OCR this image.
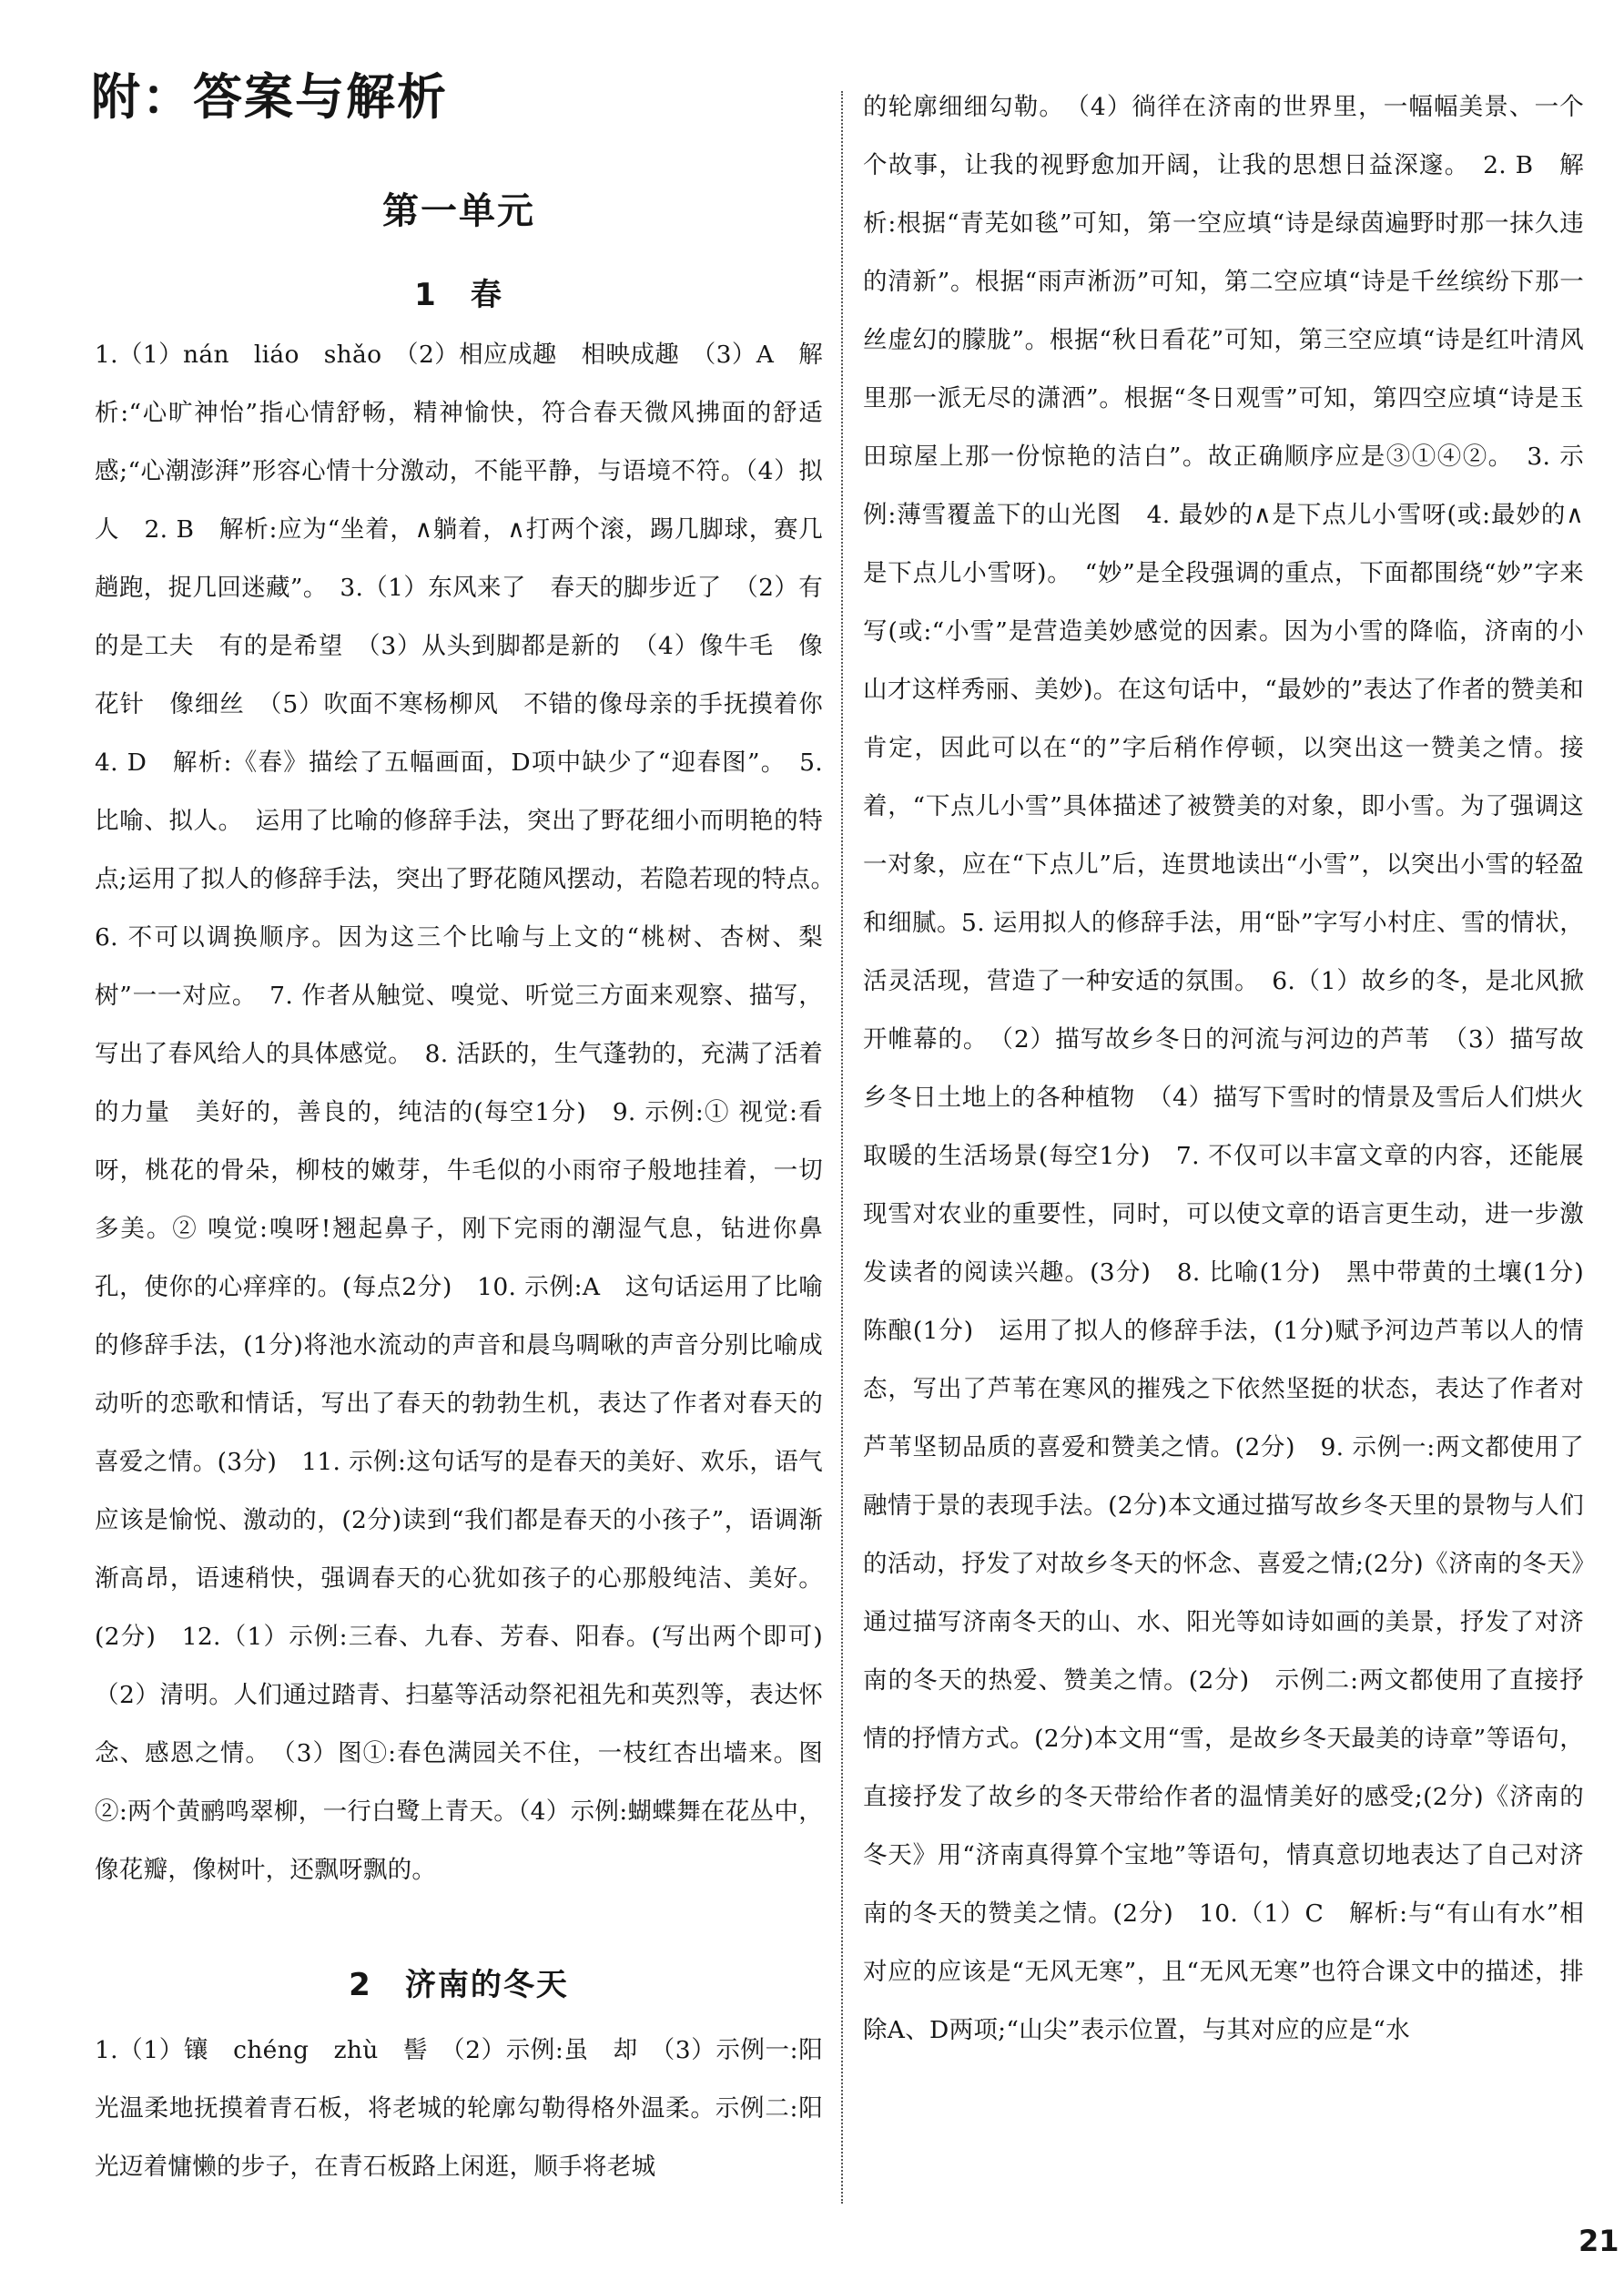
附：答案与解析
第一单元
1　春
1.（1）nán　liáo　shǎo　（2）相应成趣　相映成趣　（3）A　解析:“心旷神怡”指心情舒畅，精神愉快，符合春天微风拂面的舒适感;“心潮澎湃”形容心情十分激动，不能平静，与语境不符。（4）拟人　2. B　解析:应为“坐着，∧躺着，∧打两个滚，踢几脚球，赛几趟跑，捉几回迷藏”。　3.（1）东风来了　春天的脚步近了　（2）有的是工夫　有的是希望　（3）从头到脚都是新的　（4）像牛毛　像花针　像细丝　（5）吹面不寒杨柳风　不错的像母亲的手抚摸着你　4. D　解析:《春》描绘了五幅画面，D项中缺少了“迎春图”。　5. 比喻、拟人。　运用了比喻的修辞手法，突出了野花细小而明艳的特点;运用了拟人的修辞手法，突出了野花随风摆动，若隐若现的特点。　6. 不可以调换顺序。因为这三个比喻与上文的“桃树、杏树、梨树”一一对应。　7. 作者从触觉、嗅觉、听觉三方面来观察、描写，写出了春风给人的具体感觉。　8. 活跃的，生气蓬勃的，充满了活着的力量　美好的，善良的，纯洁的(每空1分)　9. 示例:① 视觉:看呀，桃花的骨朵，柳枝的嫩芽，牛毛似的小雨帘子般地挂着，一切多美。② 嗅觉:嗅呀!翘起鼻子，刚下完雨的潮湿气息，钻进你鼻孔，使你的心痒痒的。(每点2分)　10. 示例:A　这句话运用了比喻的修辞手法，(1分)将池水流动的声音和晨鸟啁啾的声音分别比喻成动听的恋歌和情话，写出了春天的勃勃生机，表达了作者对春天的喜爱之情。(3分)　11. 示例:这句话写的是春天的美好、欢乐，语气应该是愉悦、激动的，(2分)读到“我们都是春天的小孩子”，语调渐渐高昂，语速稍快，强调春天的心犹如孩子的心那般纯洁、美好。(2分)　12.（1）示例:三春、九春、芳春、阳春。(写出两个即可)　（2）清明。人们通过踏青、扫墓等活动祭祀祖先和英烈等，表达怀念、感恩之情。　（3）图①:春色满园关不住，一枝红杏出墙来。图②:两个黄鹂鸣翠柳，一行白鹭上青天。（4）示例:蝴蝶舞在花丛中，像花瓣，像树叶，还飘呀飘的。
2　济南的冬天
1.（1）镶　chéng　zhù　髻　（2）示例:虽　却　（3）示例一:阳光温柔地抚摸着青石板，将老城的轮廓勾勒得格外温柔。示例二:阳光迈着慵懒的步子，在青石板路上闲逛，顺手将老城
的轮廓细细勾勒。　（4）徜徉在济南的世界里，一幅幅美景、一个个故事，让我的视野愈加开阔，让我的思想日益深邃。　2. B　解析:根据“青芜如毯”可知，第一空应填“诗是绿茵遍野时那一抹久违的清新”。根据“雨声淅沥”可知，第二空应填“诗是千丝缤纷下那一丝虚幻的朦胧”。根据“秋日看花”可知，第三空应填“诗是红叶清风里那一派无尽的潇洒”。根据“冬日观雪”可知，第四空应填“诗是玉田琼屋上那一份惊艳的洁白”。故正确顺序应是③①④②。　3. 示例:薄雪覆盖下的山光图　4. 最妙的∧是下点儿小雪呀(或:最妙的∧是下点儿小雪呀)。　“妙”是全段强调的重点，下面都围绕“妙”字来写(或:“小雪”是营造美妙感觉的因素。因为小雪的降临，济南的小山才这样秀丽、美妙)。在这句话中，“最妙的”表达了作者的赞美和肯定，因此可以在“的”字后稍作停顿，以突出这一赞美之情。接着，“下点儿小雪”具体描述了被赞美的对象，即小雪。为了强调这一对象，应在“下点儿”后，连贯地读出“小雪”，以突出小雪的轻盈和细腻。5. 运用拟人的修辞手法，用“卧”字写小村庄、雪的情状，活灵活现，营造了一种安适的氛围。　6.（1）故乡的冬，是北风掀开帷幕的。　（2）描写故乡冬日的河流与河边的芦苇　（3）描写故乡冬日土地上的各种植物　（4）描写下雪时的情景及雪后人们烘火取暖的生活场景(每空1分)　7. 不仅可以丰富文章的内容，还能展现雪对农业的重要性，同时，可以使文章的语言更生动，进一步激发读者的阅读兴趣。(3分)　8. 比喻(1分)　黑中带黄的土壤(1分)　陈酿(1分)　运用了拟人的修辞手法，(1分)赋予河边芦苇以人的情态，写出了芦苇在寒风的摧残之下依然坚挺的状态，表达了作者对芦苇坚韧品质的喜爱和赞美之情。(2分)　9. 示例一:两文都使用了融情于景的表现手法。(2分)本文通过描写故乡冬天里的景物与人们的活动，抒发了对故乡冬天的怀念、喜爱之情;(2分)《济南的冬天》通过描写济南冬天的山、水、阳光等如诗如画的美景，抒发了对济南的冬天的热爱、赞美之情。(2分)　示例二:两文都使用了直接抒情的抒情方式。(2分)本文用“雪，是故乡冬天最美的诗章”等语句，直接抒发了故乡的冬天带给作者的温情美好的感受;(2分)《济南的冬天》用“济南真得算个宝地”等语句，情真意切地表达了自己对济南的冬天的赞美之情。(2分)　10.（1）C　解析:与“有山有水”相对应的应该是“无风无寒”，且“无风无寒”也符合课文中的描述，排除A、D两项;“山尖”表示位置，与其对应的应是“水
21
